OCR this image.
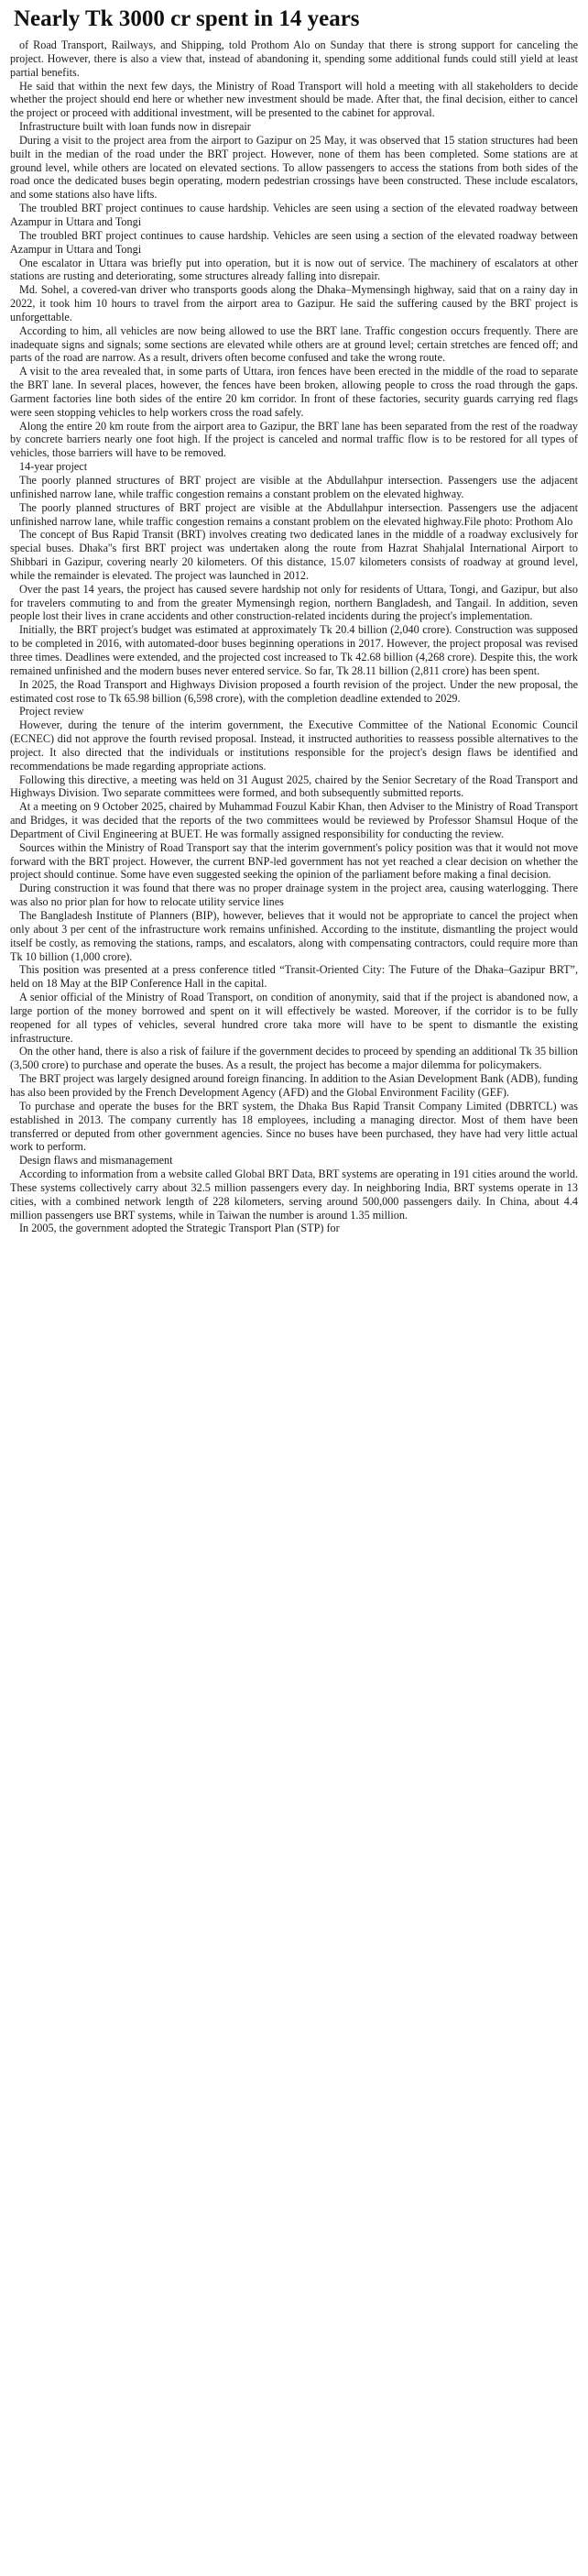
Nearly Tk 3000 cr spent in 14 years

of Road Transport, Railways, and Shipping, told Prothom Alo on Sunday that there is strong support for canceling the project. However, there is also a view that, instead of abandoning it, spending some additional funds could still yield at least partial benefits.

He said that within the next few days, the Ministry of Road Transport will hold a meeting with all stakeholders to decide whether the project should end here or whether new investment should be made. After that, the final decision, either to cancel the project or proceed with additional investment, will be presented to the cabinet for approval.

Infrastructure built with loan funds now in disrepair

During a visit to the project area from the airport to Gazipur on 25 May, it was observed that 15 station structures had been built in the median of the road under the BRT project. However, none of them has been completed. Some stations are at ground level, while others are located on elevated sections. To allow passengers to access the stations from both sides of the road once the dedicated buses begin operating, modern pedestrian crossings have been constructed. These include escalators, and some stations also have lifts.

The troubled BRT project continues to cause hardship. Vehicles are seen using a section of the elevated roadway between Azampur in Uttara and Tongi

The troubled BRT project continues to cause hardship. Vehicles are seen using a section of the elevated roadway between Azampur in Uttara and Tongi

One escalator in Uttara was briefly put into operation, but it is now out of service. The machinery of escalators at other stations are rusting and deteriorating, some structures already falling into disrepair.

Md. Sohel, a covered-van driver who transports goods along the Dhaka–Mymensingh highway, said that on a rainy day in 2022, it took him 10 hours to travel from the airport area to Gazipur. He said the suffering caused by the BRT project is unforgettable.

According to him, all vehicles are now being allowed to use the BRT lane. Traffic congestion occurs frequently. There are inadequate signs and signals; some sections are elevated while others are at ground level; certain stretches are fenced off; and parts of the road are narrow. As a result, drivers often become confused and take the wrong route.

A visit to the area revealed that, in some parts of Uttara, iron fences have been erected in the middle of the road to separate the BRT lane. In several places, however, the fences have been broken, allowing people to cross the road through the gaps. Garment factories line both sides of the entire 20 km corridor. In front of these factories, security guards carrying red flags were seen stopping vehicles to help workers cross the road safely.

Along the entire 20 km route from the airport area to Gazipur, the BRT lane has been separated from the rest of the roadway by concrete barriers nearly one foot high. If the project is canceled and normal traffic flow is to be restored for all types of vehicles, those barriers will have to be removed.

14-year project

The poorly planned structures of BRT project are visible at the Abdullahpur intersection. Passengers use the adjacent unfinished narrow lane, while traffic congestion remains a constant problem on the elevated highway.

The poorly planned structures of BRT project are visible at the Abdullahpur intersection. Passengers use the adjacent unfinished narrow lane, while traffic congestion remains a constant problem on the elevated highway.File photo: Prothom Alo

The concept of Bus Rapid Transit (BRT) involves creating two dedicated lanes in the middle of a roadway exclusively for special buses. Dhaka''s first BRT project was undertaken along the route from Hazrat Shahjalal International Airport to Shibbari in Gazipur, covering nearly 20 kilometers. Of this distance, 15.07 kilometers consists of roadway at ground level, while the remainder is elevated. The project was launched in 2012.

Over the past 14 years, the project has caused severe hardship not only for residents of Uttara, Tongi, and Gazipur, but also for travelers commuting to and from the greater Mymensingh region, northern Bangladesh, and Tangail. In addition, seven people lost their lives in crane accidents and other construction-related incidents during the project's implementation.

Initially, the BRT project's budget was estimated at approximately Tk 20.4 billion (2,040 crore). Construction was supposed to be completed in 2016, with automated-door buses beginning operations in 2017. However, the project proposal was revised three times. Deadlines were extended, and the projected cost increased to Tk 42.68 billion (4,268 crore). Despite this, the work remained unfinished and the modern buses never entered service. So far, Tk 28.11 billion (2,811 crore) has been spent.

In 2025, the Road Transport and Highways Division proposed a fourth revision of the project. Under the new proposal, the estimated cost rose to Tk 65.98 billion (6,598 crore), with the completion deadline extended to 2029.

Project review

However, during the tenure of the interim government, the Executive Committee of the National Economic Council (ECNEC) did not approve the fourth revised proposal. Instead, it instructed authorities to reassess possible alternatives to the project. It also directed that the individuals or institutions responsible for the project's design flaws be identified and recommendations be made regarding appropriate actions.

Following this directive, a meeting was held on 31 August 2025, chaired by the Senior Secretary of the Road Transport and Highways Division. Two separate committees were formed, and both subsequently submitted reports.

At a meeting on 9 October 2025, chaired by Muhammad Fouzul Kabir Khan, then Adviser to the Ministry of Road Transport and Bridges, it was decided that the reports of the two committees would be reviewed by Professor Shamsul Hoque of the Department of Civil Engineering at BUET. He was formally assigned responsibility for conducting the review.

Sources within the Ministry of Road Transport say that the interim government's policy position was that it would not move forward with the BRT project. However, the current BNP-led government has not yet reached a clear decision on whether the project should continue. Some have even suggested seeking the opinion of the parliament before making a final decision.

During construction it was found that there was no proper drainage system in the project area, causing waterlogging. There was also no prior plan for how to relocate utility service lines

The Bangladesh Institute of Planners (BIP), however, believes that it would not be appropriate to cancel the project when only about 3 per cent of the infrastructure work remains unfinished. According to the institute, dismantling the project would itself be costly, as removing the stations, ramps, and escalators, along with compensating contractors, could require more than Tk 10 billion (1,000 crore).

This position was presented at a press conference titled “Transit-Oriented City: The Future of the Dhaka–Gazipur BRT”, held on 18 May at the BIP Conference Hall in the capital.

A senior official of the Ministry of Road Transport, on condition of anonymity, said that if the project is abandoned now, a large portion of the money borrowed and spent on it will effectively be wasted. Moreover, if the corridor is to be fully reopened for all types of vehicles, several hundred crore taka more will have to be spent to dismantle the existing infrastructure.

On the other hand, there is also a risk of failure if the government decides to proceed by spending an additional Tk 35 billion (3,500 crore) to purchase and operate the buses. As a result, the project has become a major dilemma for policymakers.

The BRT project was largely designed around foreign financing. In addition to the Asian Development Bank (ADB), funding has also been provided by the French Development Agency (AFD) and the Global Environment Facility (GEF).

To purchase and operate the buses for the BRT system, the Dhaka Bus Rapid Transit Company Limited (DBRTCL) was established in 2013. The company currently has 18 employees, including a managing director. Most of them have been transferred or deputed from other government agencies. Since no buses have been purchased, they have had very little actual work to perform.

Design flaws and mismanagement

According to information from a website called Global BRT Data, BRT systems are operating in 191 cities around the world. These systems collectively carry about 32.5 million passengers every day. In neighboring India, BRT systems operate in 13 cities, with a combined network length of 228 kilometers, serving around 500,000 passengers daily. In China, about 4.4 million passengers use BRT systems, while in Taiwan the number is around 1.35 million.

In 2005, the government adopted the Strategic Transport Plan (STP) for
